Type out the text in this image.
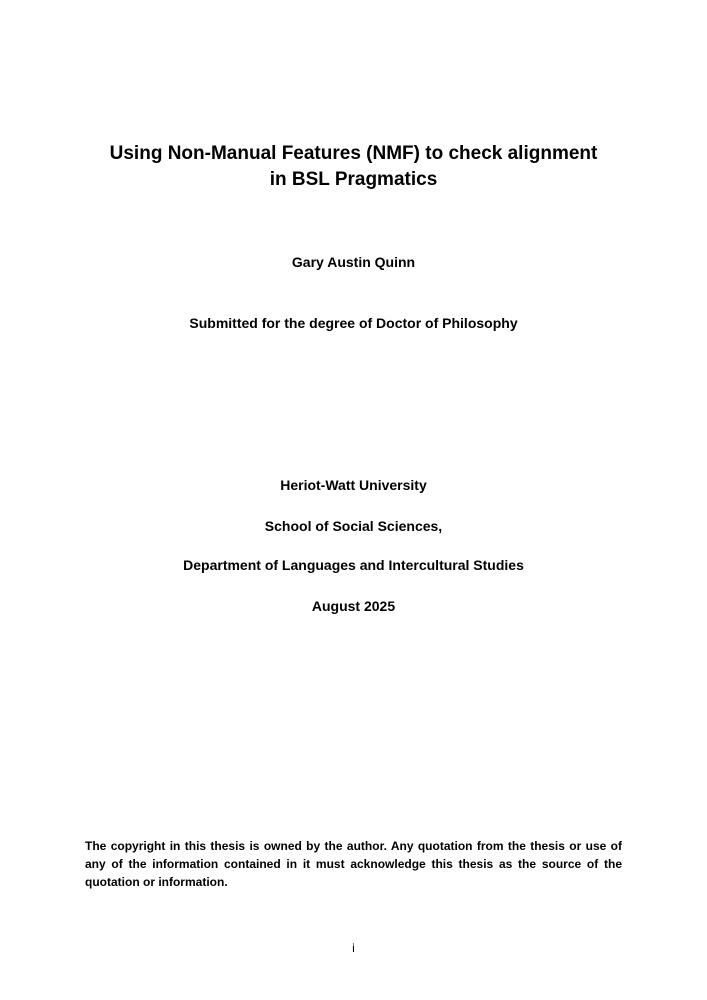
Using Non-Manual Features (NMF) to check alignment
in BSL Pragmatics
Gary Austin Quinn
Submitted for the degree of Doctor of Philosophy
Heriot-Watt University
School of Social Sciences,
Department of Languages and Intercultural Studies
August 2025
The copyright in this thesis is owned by the author. Any quotation from the thesis or use of any of the information contained in it must acknowledge this thesis as the source of the quotation or information.
i
